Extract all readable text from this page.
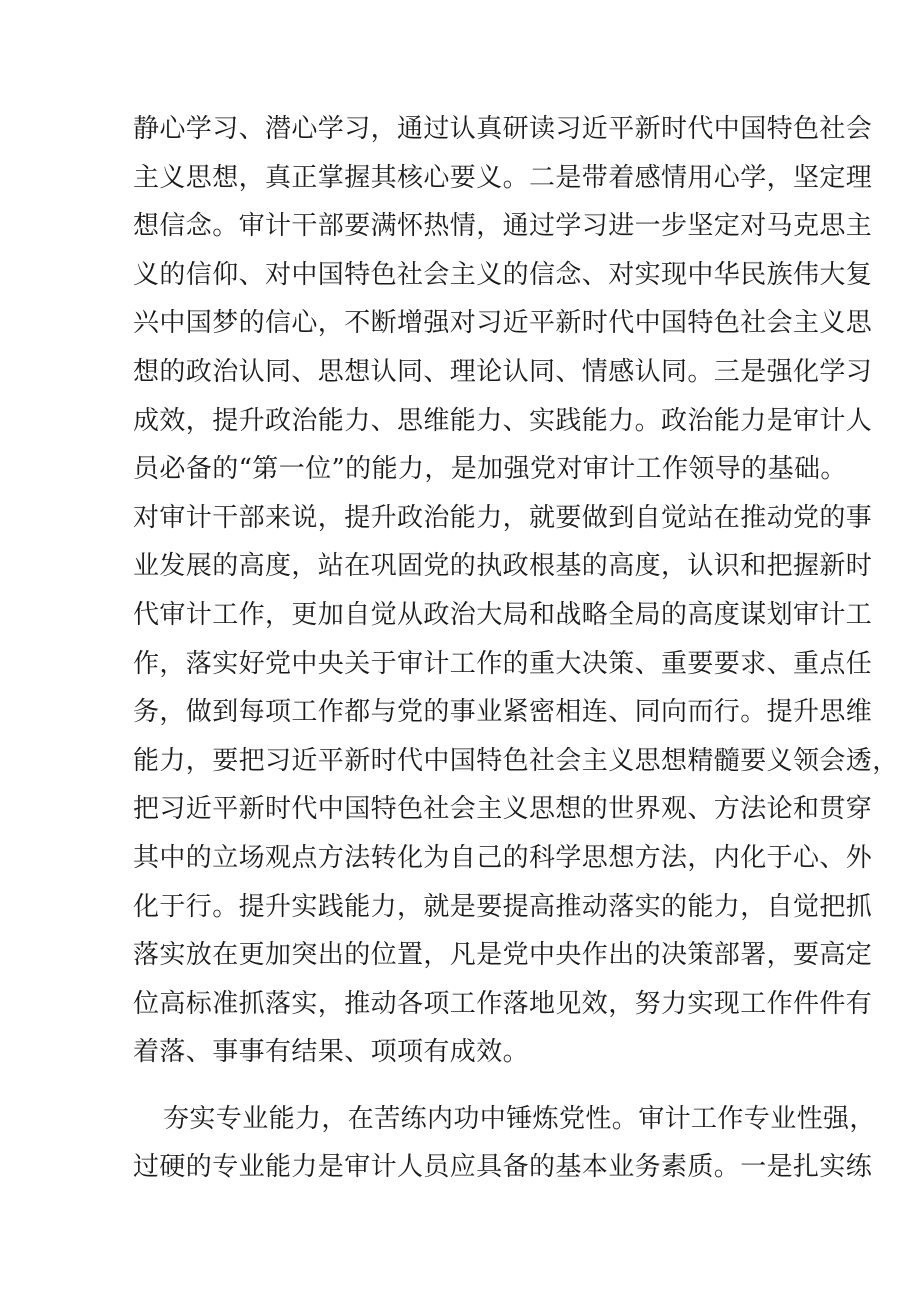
静心学习、潜心学习，通过认真研读习近平新时代中国特色社会
主义思想，真正掌握其核心要义。二是带着感情用心学，坚定理
想信念。审计干部要满怀热情，通过学习进一步坚定对马克思主
义的信仰、对中国特色社会主义的信念、对实现中华民族伟大复
兴中国梦的信心，不断增强对习近平新时代中国特色社会主义思
想的政治认同、思想认同、理论认同、情感认同。三是强化学习
成效，提升政治能力、思维能力、实践能力。政治能力是审计人
员必备的“第一位”的能力，是加强党对审计工作领导的基础。
对审计干部来说，提升政治能力，就要做到自觉站在推动党的事
业发展的高度，站在巩固党的执政根基的高度，认识和把握新时
代审计工作，更加自觉从政治大局和战略全局的高度谋划审计工
作，落实好党中央关于审计工作的重大决策、重要要求、重点任
务，做到每项工作都与党的事业紧密相连、同向而行。提升思维
能力，要把习近平新时代中国特色社会主义思想精髓要义领会透，
把习近平新时代中国特色社会主义思想的世界观、方法论和贯穿
其中的立场观点方法转化为自己的科学思想方法，内化于心、外
化于行。提升实践能力，就是要提高推动落实的能力，自觉把抓
落实放在更加突出的位置，凡是党中央作出的决策部署，要高定
位高标准抓落实，推动各项工作落地见效，努力实现工作件件有
着落、事事有结果、项项有成效。

夯实专业能力，在苦练内功中锤炼党性。审计工作专业性强，
过硬的专业能力是审计人员应具备的基本业务素质。一是扎实练
